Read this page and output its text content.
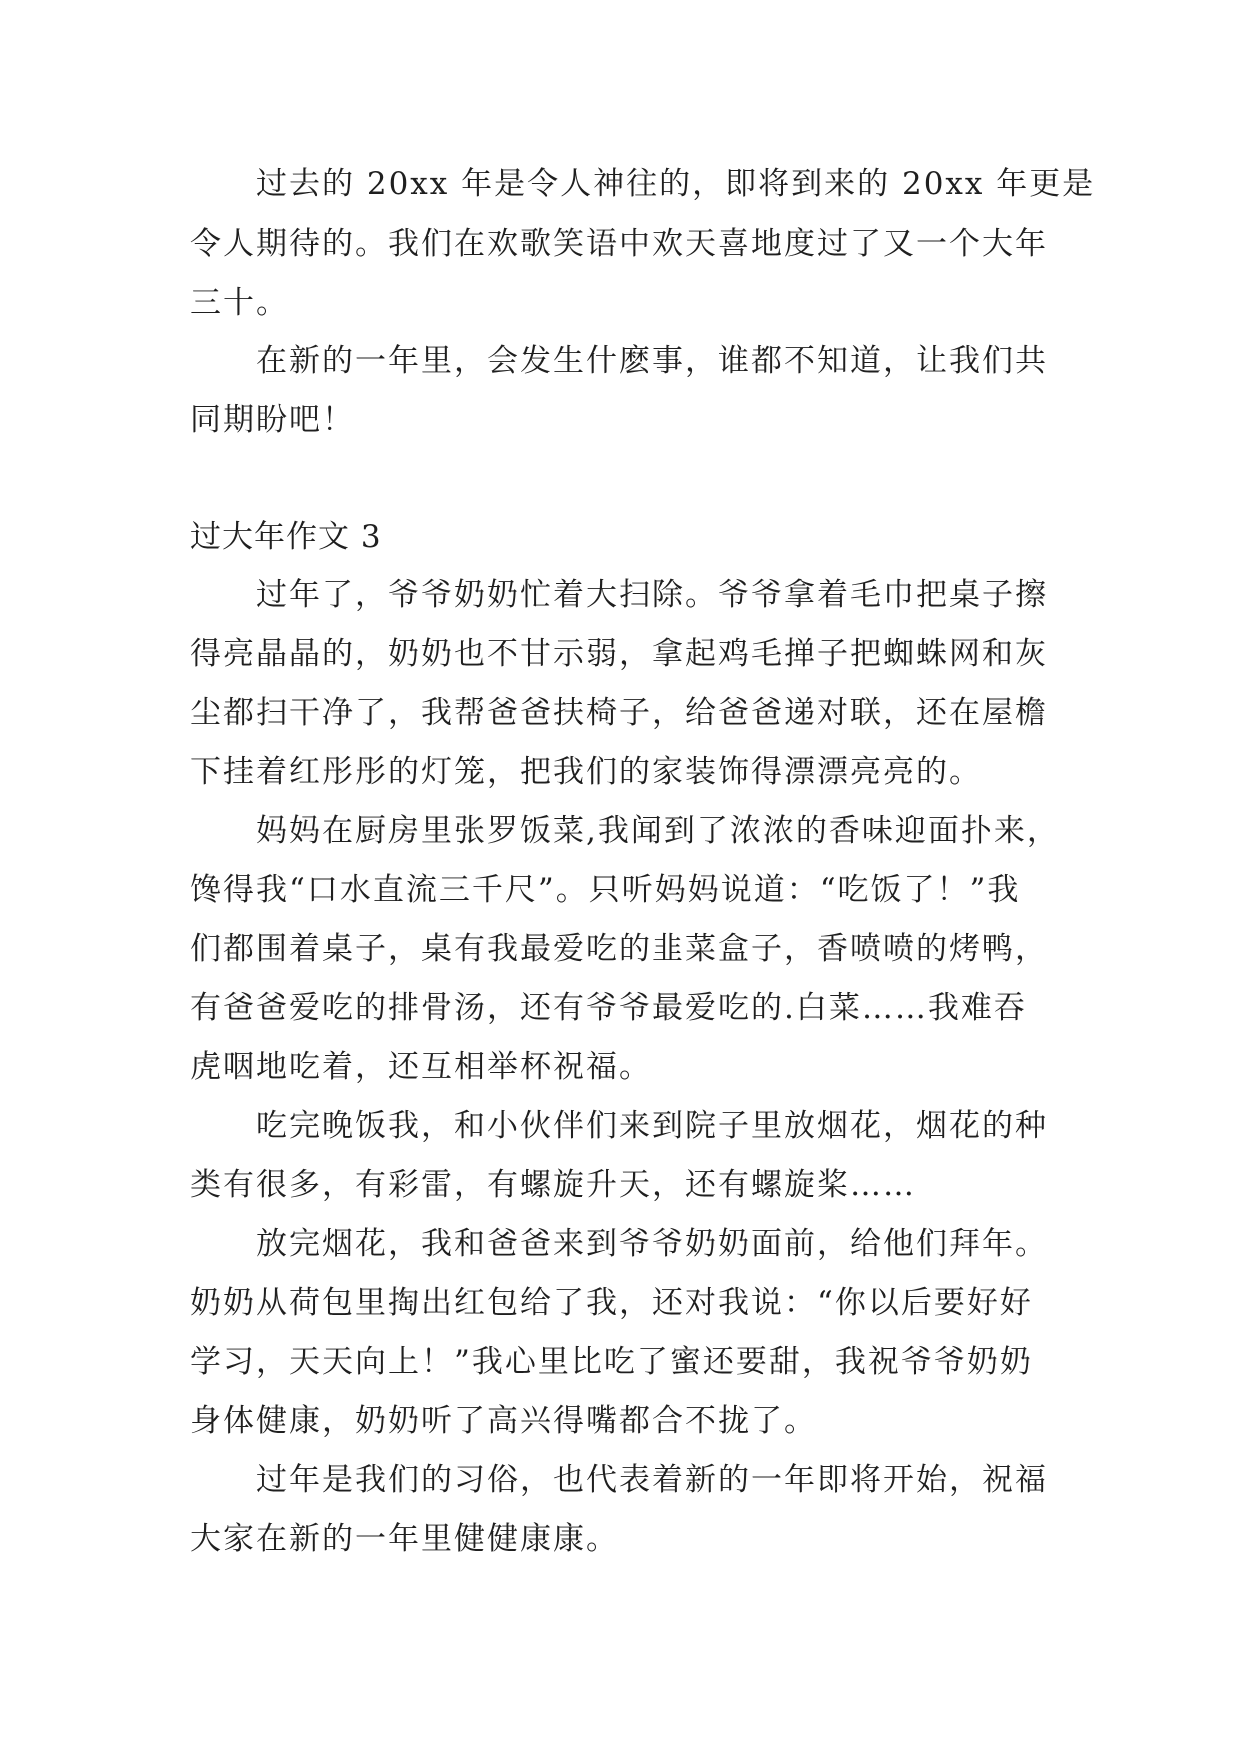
过去的 20xx 年是令人神往的，即将到来的 20xx 年更是
令人期待的。我们在欢歌笑语中欢天喜地度过了又一个大年
三十。
在新的一年里，会发生什麽事，谁都不知道，让我们共
同期盼吧！
过大年作文 3
过年了，爷爷奶奶忙着大扫除。爷爷拿着毛巾把桌子擦
得亮晶晶的，奶奶也不甘示弱，拿起鸡毛掸子把蜘蛛网和灰
尘都扫干净了，我帮爸爸扶椅子，给爸爸递对联，还在屋檐
下挂着红彤彤的灯笼，把我们的家装饰得漂漂亮亮的。
妈妈在厨房里张罗饭菜,我闻到了浓浓的香味迎面扑来，
馋得我“口水直流三千尺”。只听妈妈说道：“吃饭了！”我
们都围着桌子，桌有我最爱吃的韭菜盒子，香喷喷的烤鸭，
有爸爸爱吃的排骨汤，还有爷爷最爱吃的.白菜……我难吞
虎咽地吃着，还互相举杯祝福。
吃完晚饭我，和小伙伴们来到院子里放烟花，烟花的种
类有很多，有彩雷，有螺旋升天，还有螺旋桨……
放完烟花，我和爸爸来到爷爷奶奶面前，给他们拜年。
奶奶从荷包里掏出红包给了我，还对我说：“你以后要好好
学习，天天向上！”我心里比吃了蜜还要甜，我祝爷爷奶奶
身体健康，奶奶听了高兴得嘴都合不拢了。
过年是我们的习俗，也代表着新的一年即将开始，祝福
大家在新的一年里健健康康。
